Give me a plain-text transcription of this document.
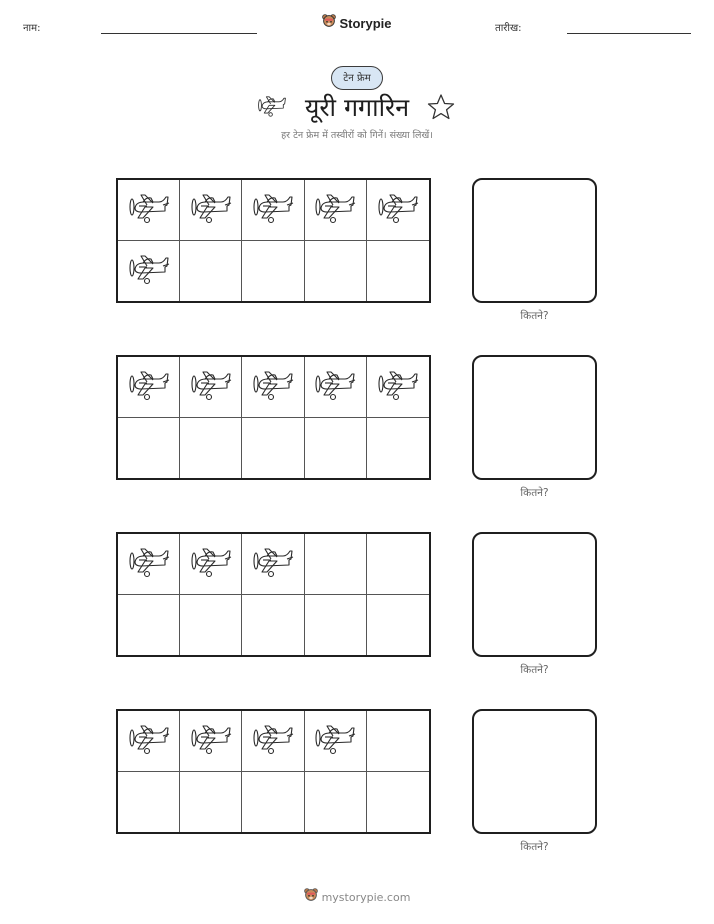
नाम:	तारीख:
Storypie
टेन फ्रेम
यूरी गगारिन
हर टेन फ्रेम में तस्वीरों को गिनें। संख्या लिखें।
कितने?
कितने?
कितने?
कितने?
mystorypie.com
